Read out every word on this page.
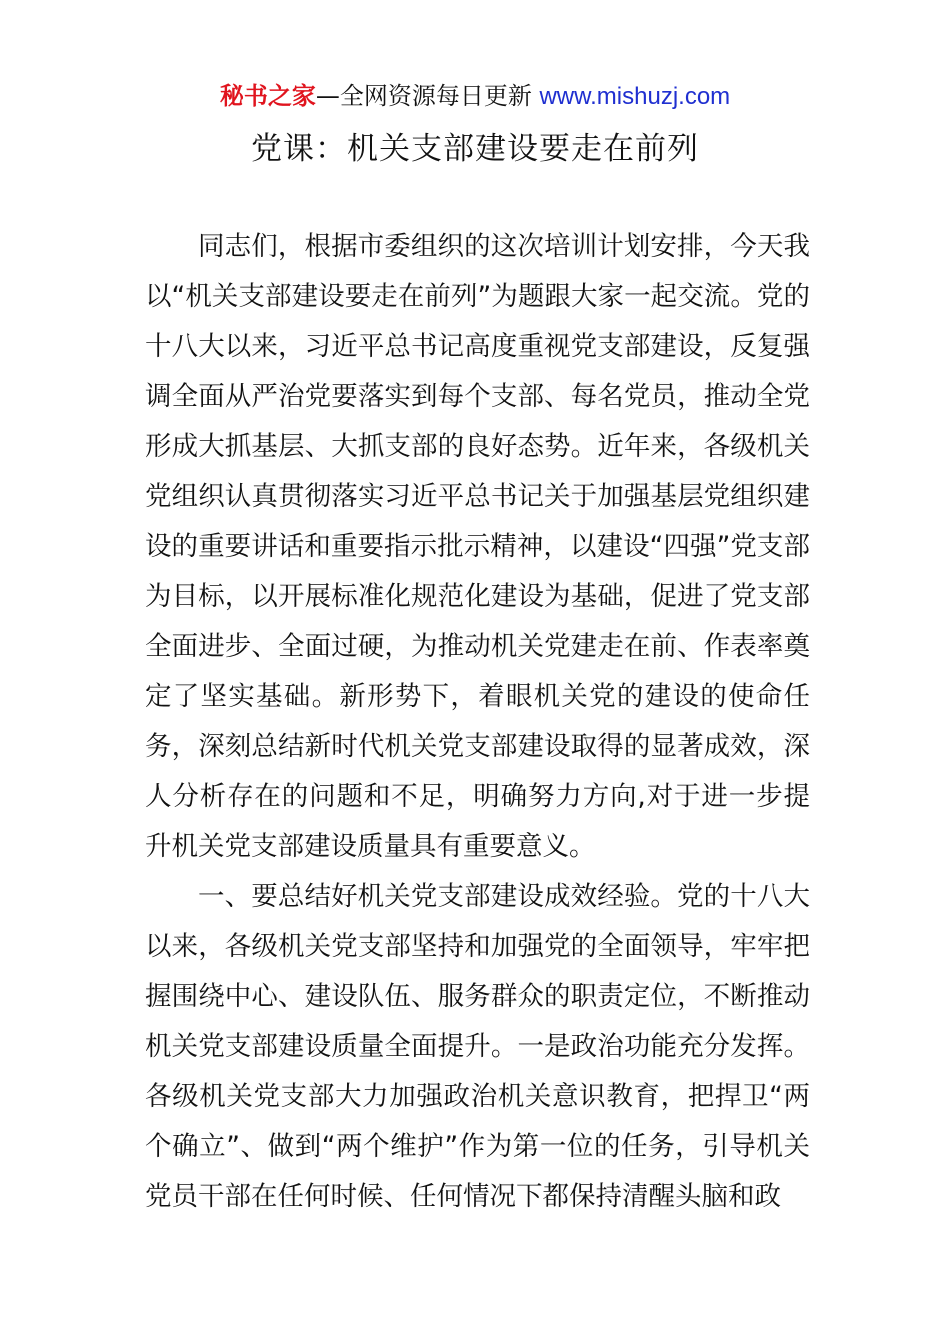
秘书之家—全网资源每日更新 www.mishuzj.com
党课：机关支部建设要走在前列

同志们，根据市委组织的这次培训计划安排，今天我以“机关支部建设要走在前列”为题跟大家一起交流。党的十八大以来，习近平总书记高度重视党支部建设，反复强调全面从严治党要落实到每个支部、每名党员，推动全党形成大抓基层、大抓支部的良好态势。近年来，各级机关党组织认真贯彻落实习近平总书记关于加强基层党组织建设的重要讲话和重要指示批示精神，以建设“四强”党支部为目标，以开展标准化规范化建设为基础，促进了党支部全面进步、全面过硬，为推动机关党建走在前、作表率奠定了坚实基础。新形势下，着眼机关党的建设的使命任务，深刻总结新时代机关党支部建设取得的显著成效，深人分析存在的问题和不足，明确努力方向,对于进一步提升机关党支部建设质量具有重要意义。

一、要总结好机关党支部建设成效经验。党的十八大以来，各级机关党支部坚持和加强党的全面领导，牢牢把握围绕中心、建设队伍、服务群众的职责定位，不断推动机关党支部建设质量全面提升。一是政治功能充分发挥。各级机关党支部大力加强政治机关意识教育，把捍卫“两个确立”、做到“两个维护”作为第一位的任务，引导机关党员干部在任何时候、任何情况下都保持清醒头脑和政
